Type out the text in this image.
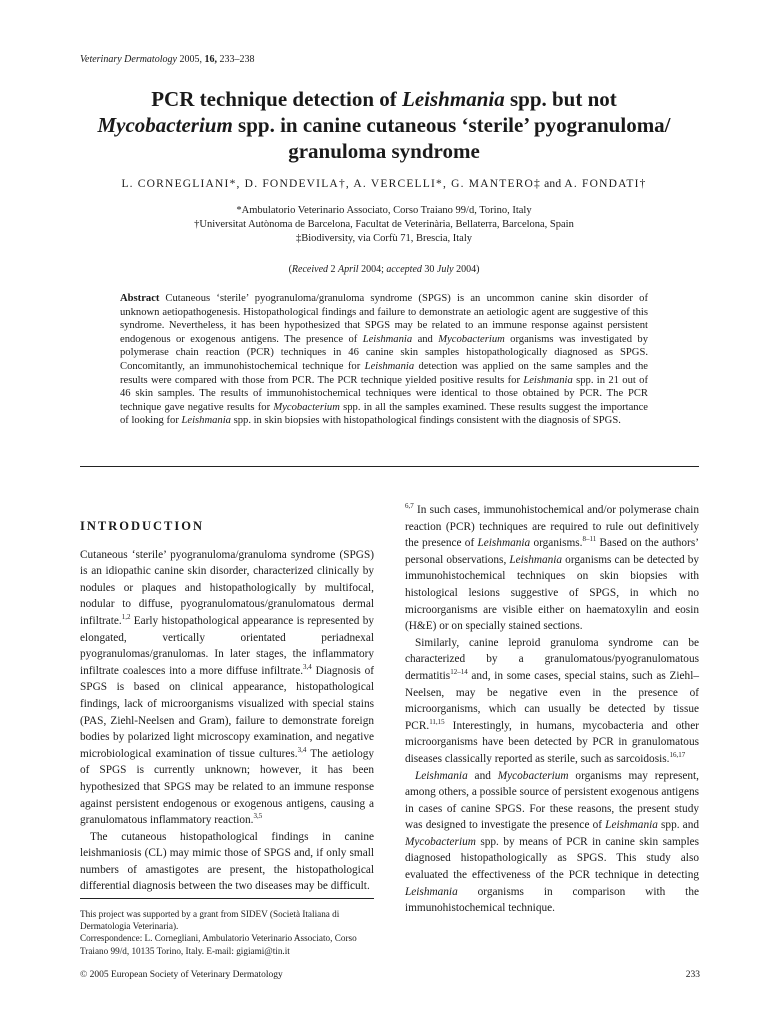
Veterinary Dermatology 2005, 16, 233–238
PCR technique detection of Leishmania spp. but not
Mycobacterium spp. in canine cutaneous ‘sterile’ pyogranuloma/
granuloma syndrome
L. CORNEGLIANI*, D. FONDEVILA†, A. VERCELLI*, G. MANTERO‡ and A. FONDATI†
*Ambulatorio Veterinario Associato, Corso Traiano 99/d, Torino, Italy
†Universitat Autònoma de Barcelona, Facultat de Veterinària, Bellaterra, Barcelona, Spain
‡Biodiversity, via Corfù 71, Brescia, Italy
(Received 2 April 2004; accepted 30 July 2004)
Abstract Cutaneous ‘sterile’ pyogranuloma/granuloma syndrome (SPGS) is an uncommon canine skin disorder of unknown aetiopathogenesis. Histopathological findings and failure to demonstrate an aetiologic agent are suggestive of this syndrome. Nevertheless, it has been hypothesized that SPGS may be related to an immune response against persistent endogenous or exogenous antigens. The presence of Leishmania and Mycobacterium organisms was investigated by polymerase chain reaction (PCR) techniques in 46 canine skin samples histopathologically diagnosed as SPGS. Concomitantly, an immunohistochemical technique for Leishmania detection was applied on the same samples and the results were compared with those from PCR. The PCR technique yielded positive results for Leishmania spp. in 21 out of 46 skin samples. The results of immunohistochemical techniques were identical to those obtained by PCR. The PCR technique gave negative results for Mycobacterium spp. in all the samples examined. These results suggest the importance of looking for Leishmania spp. in skin biopsies with histopathological findings consistent with the diagnosis of SPGS.
INTRODUCTION

Cutaneous ‘sterile’ pyogranuloma/granuloma syndrome (SPGS) is an idiopathic canine skin disorder, characterized clinically by nodules or plaques and histopathologically by multifocal, nodular to diffuse, pyogranulomatous/granulomatous dermal infiltrate.$^{1,2}$ Early histopathological appearance is represented by elongated, vertically orientated periadnexal pyogranulomas/granulomas. In later stages, the inflammatory infiltrate coalesces into a more diffuse infiltrate.$^{3,4}$ Diagnosis of SPGS is based on clinical appearance, histopathological findings, lack of microorganisms visualized with special stains (PAS, Ziehl-Neelsen and Gram), failure to demonstrate foreign bodies by polarized light microscopy examination, and negative microbiological examination of tissue cultures.$^{3,4}$ The aetiology of SPGS is currently unknown; however, it has been hypothesized that SPGS may be related to an immune response against persistent endogenous or exogenous antigens, causing a granulomatous inflammatory reaction.$^{3,5}$

The cutaneous histopathological findings in canine leishmaniosis (CL) may mimic those of SPGS and, if only small numbers of amastigotes are present, the histopathological differential diagnosis between the two diseases may be difficult.

$^{6,7}$ In such cases, immunohistochemical and/or polymerase chain reaction (PCR) techniques are required to rule out definitively the presence of Leishmania organisms.$^{8-11}$ Based on the authors’ personal observations, Leishmania organisms can be detected by immunohistochemical techniques on skin biopsies with histological lesions suggestive of SPGS, in which no microorganisms are visible either on haematoxylin and eosin (H&E) or on specially stained sections.

Similarly, canine leproid granuloma syndrome can be characterized by a granulomatous/pyogranulomatous dermatitis$^{12-14}$ and, in some cases, special stains, such as Ziehl–Neelsen, may be negative even in the presence of microorganisms, which can usually be detected by tissue PCR.$^{11,15}$ Interestingly, in humans, mycobacteria and other microorganisms have been detected by PCR in granulomatous diseases classically reported as sterile, such as sarcoidosis.$^{16,17}$

Leishmania and Mycobacterium organisms may represent, among others, a possible source of persistent exogenous antigens in cases of canine SPGS. For these reasons, the present study was designed to investigate the presence of Leishmania spp. and Mycobacterium spp. by means of PCR in canine skin samples diagnosed histopathologically as SPGS. This study also evaluated the effectiveness of the PCR technique in detecting Leishmania organisms in comparison with the immunohistochemical technique.

This project was supported by a grant from SIDEV (Società Italiana di Dermatologia Veterinaria).
Correspondence: L. Cornegliani, Ambulatorio Veterinario Associato, Corso Traiano 99/d, 10135 Torino, Italy. E-mail: gigiami@tin.it
© 2005 European Society of Veterinary Dermatology	233
